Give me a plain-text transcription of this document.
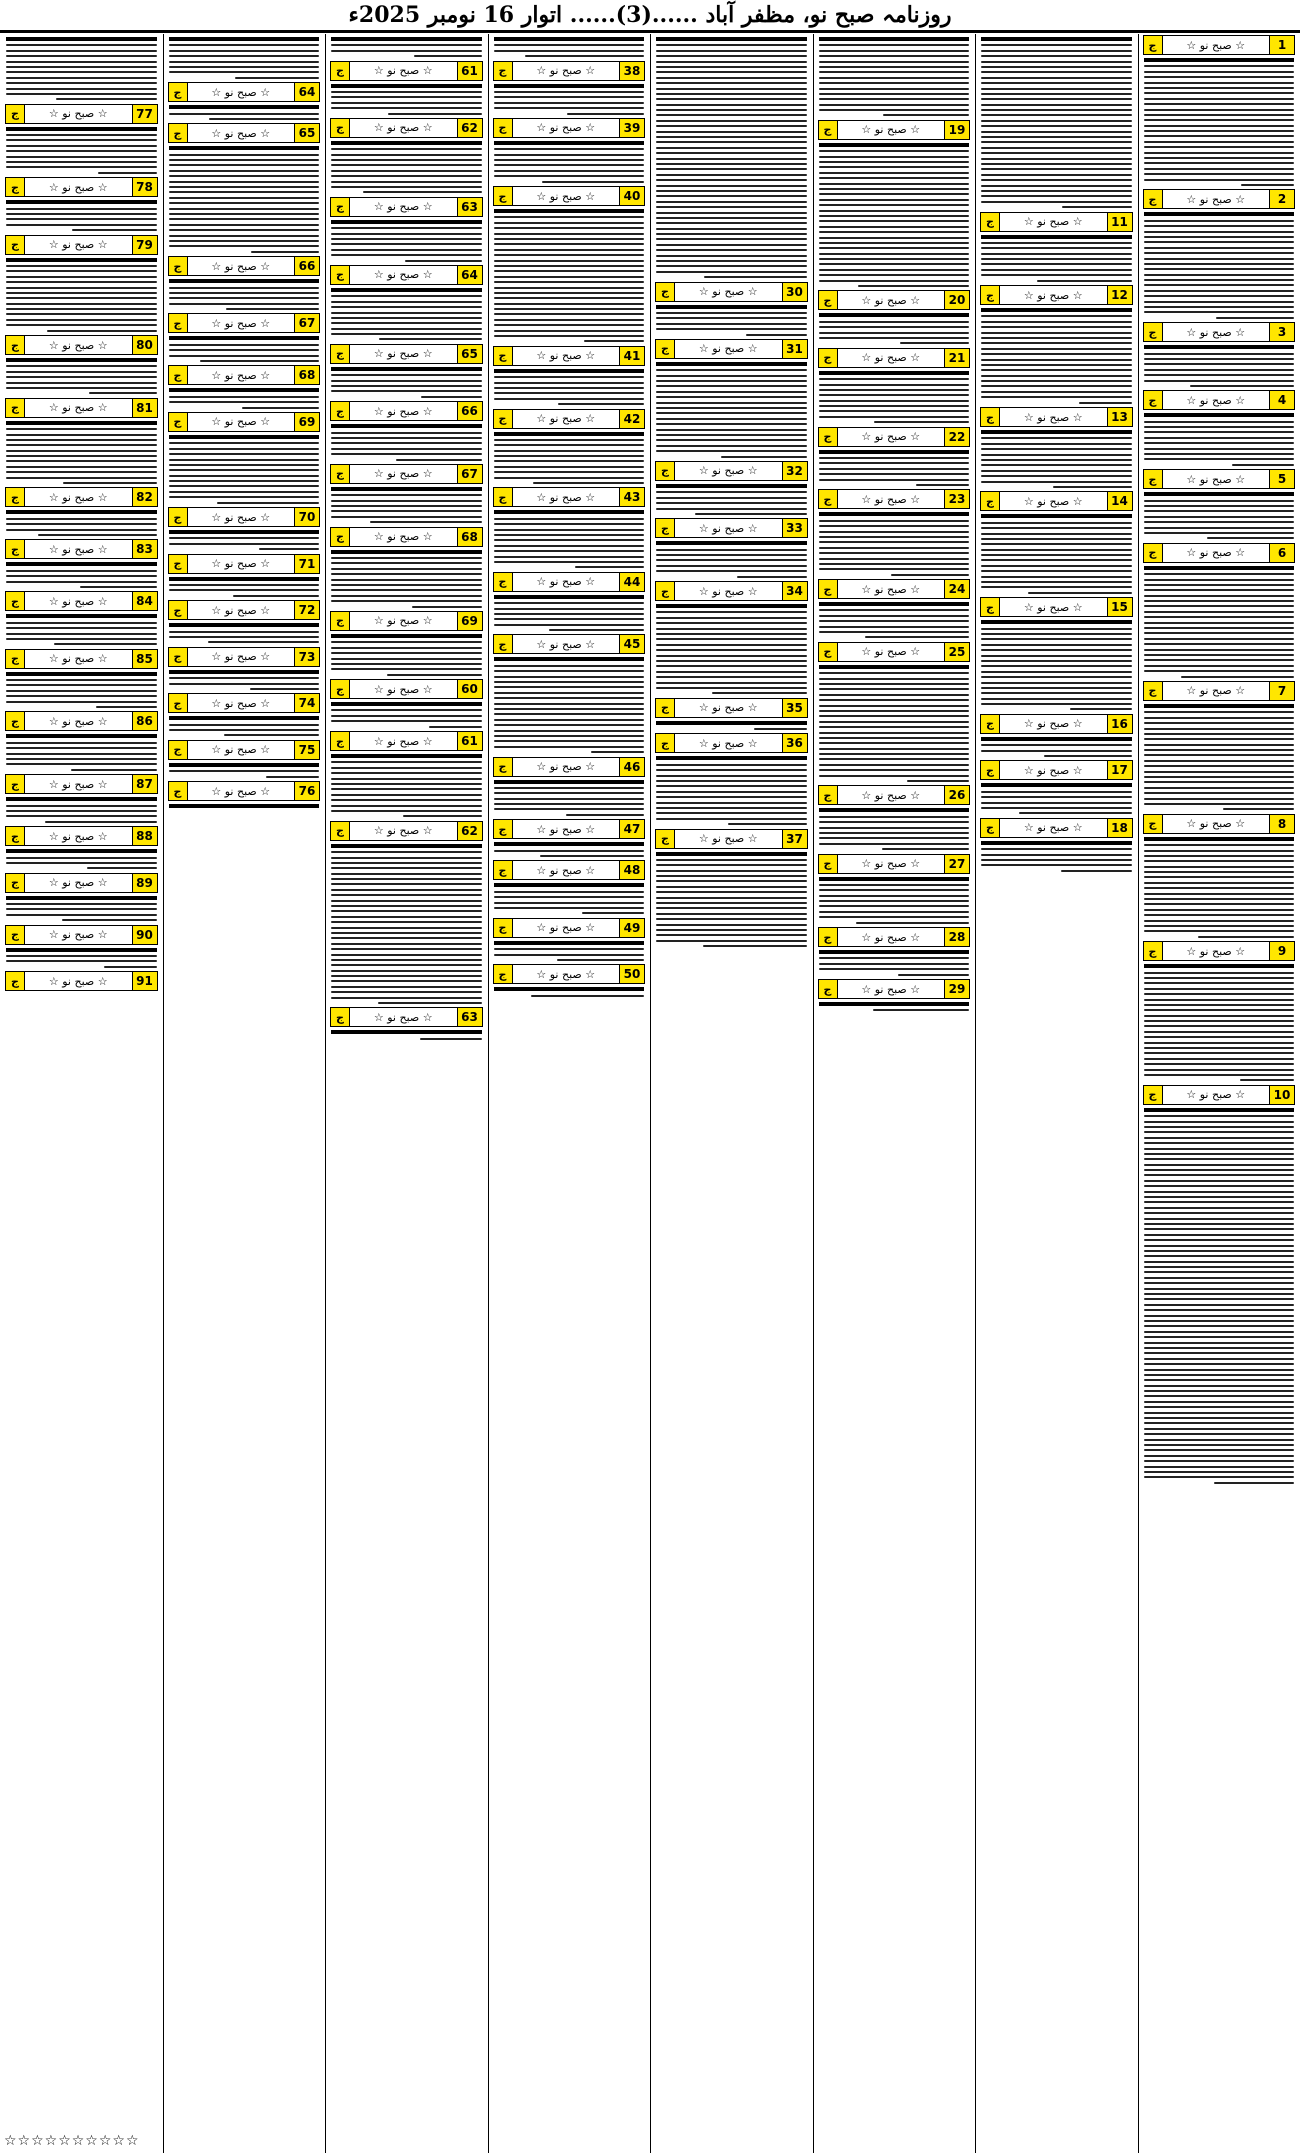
روزنامہ صبح نو، مظفر آباد ......(3)...... اتوار 16 نومبر 2025ء
1
☆ صبح نو ☆
ج
2
☆ صبح نو ☆
ج
3
☆ صبح نو ☆
ج
4
☆ صبح نو ☆
ج
5
☆ صبح نو ☆
ج
6
☆ صبح نو ☆
ج
7
☆ صبح نو ☆
ج
8
☆ صبح نو ☆
ج
9
☆ صبح نو ☆
ج
10
☆ صبح نو ☆
ج
11
☆ صبح نو ☆
ج
12
☆ صبح نو ☆
ج
13
☆ صبح نو ☆
ج
14
☆ صبح نو ☆
ج
15
☆ صبح نو ☆
ج
16
☆ صبح نو ☆
ج
17
☆ صبح نو ☆
ج
18
☆ صبح نو ☆
ج
19
☆ صبح نو ☆
ج
20
☆ صبح نو ☆
ج
21
☆ صبح نو ☆
ج
22
☆ صبح نو ☆
ج
23
☆ صبح نو ☆
ج
24
☆ صبح نو ☆
ج
25
☆ صبح نو ☆
ج
26
☆ صبح نو ☆
ج
27
☆ صبح نو ☆
ج
28
☆ صبح نو ☆
ج
29
☆ صبح نو ☆
ج
30
☆ صبح نو ☆
ج
31
☆ صبح نو ☆
ج
32
☆ صبح نو ☆
ج
33
☆ صبح نو ☆
ج
34
☆ صبح نو ☆
ج
35
☆ صبح نو ☆
ج
36
☆ صبح نو ☆
ج
37
☆ صبح نو ☆
ج
38
☆ صبح نو ☆
ج
39
☆ صبح نو ☆
ج
40
☆ صبح نو ☆
ج
41
☆ صبح نو ☆
ج
42
☆ صبح نو ☆
ج
43
☆ صبح نو ☆
ج
44
☆ صبح نو ☆
ج
45
☆ صبح نو ☆
ج
46
☆ صبح نو ☆
ج
47
☆ صبح نو ☆
ج
48
☆ صبح نو ☆
ج
49
☆ صبح نو ☆
ج
50
☆ صبح نو ☆
ج
61
☆ صبح نو ☆
ج
62
☆ صبح نو ☆
ج
63
☆ صبح نو ☆
ج
64
☆ صبح نو ☆
ج
65
☆ صبح نو ☆
ج
66
☆ صبح نو ☆
ج
67
☆ صبح نو ☆
ج
68
☆ صبح نو ☆
ج
69
☆ صبح نو ☆
ج
60
☆ صبح نو ☆
ج
61
☆ صبح نو ☆
ج
62
☆ صبح نو ☆
ج
63
☆ صبح نو ☆
ج
64
☆ صبح نو ☆
ج
65
☆ صبح نو ☆
ج
66
☆ صبح نو ☆
ج
67
☆ صبح نو ☆
ج
68
☆ صبح نو ☆
ج
69
☆ صبح نو ☆
ج
70
☆ صبح نو ☆
ج
71
☆ صبح نو ☆
ج
72
☆ صبح نو ☆
ج
73
☆ صبح نو ☆
ج
74
☆ صبح نو ☆
ج
75
☆ صبح نو ☆
ج
76
☆ صبح نو ☆
ج
77
☆ صبح نو ☆
ج
78
☆ صبح نو ☆
ج
79
☆ صبح نو ☆
ج
80
☆ صبح نو ☆
ج
81
☆ صبح نو ☆
ج
82
☆ صبح نو ☆
ج
83
☆ صبح نو ☆
ج
84
☆ صبح نو ☆
ج
85
☆ صبح نو ☆
ج
86
☆ صبح نو ☆
ج
87
☆ صبح نو ☆
ج
88
☆ صبح نو ☆
ج
89
☆ صبح نو ☆
ج
90
☆ صبح نو ☆
ج
91
☆ صبح نو ☆
ج
☆☆☆☆☆☆☆☆☆☆
